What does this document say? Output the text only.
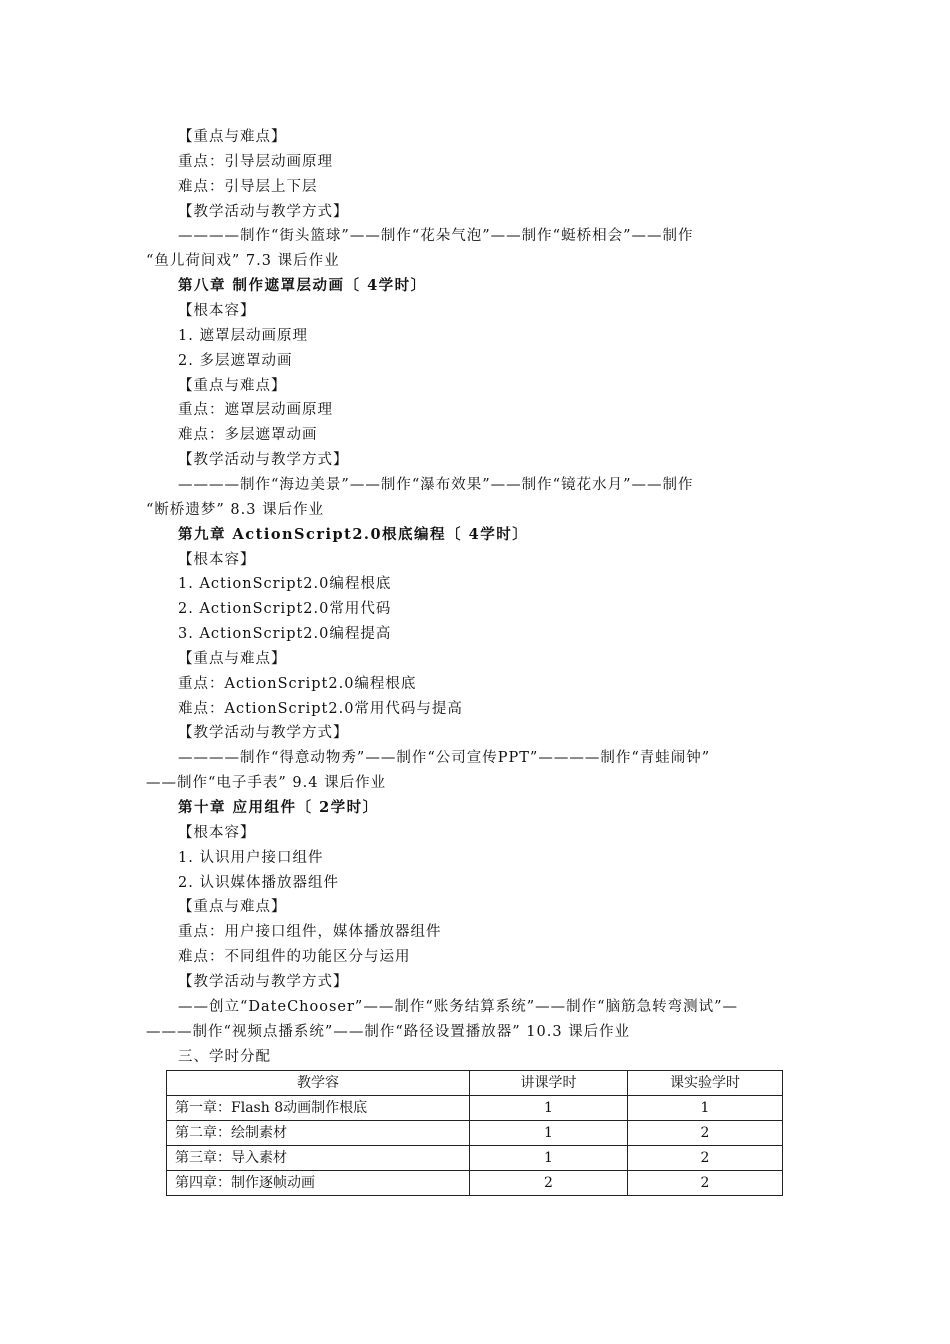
【重点与难点】
重点：引导层动画原理
难点：引导层上下层
【教学活动与教学方式】
————制作“街头篮球”——制作“花朵气泡”——制作“蜓桥相会”——制作
“鱼儿荷间戏” 7.3 课后作业
第八章 制作遮罩层动画〔 4学时〕
【根本容】
1. 遮罩层动画原理
2. 多层遮罩动画
【重点与难点】
重点：遮罩层动画原理
难点：多层遮罩动画
【教学活动与教学方式】
————制作“海边美景”——制作“瀑布效果”——制作“镜花水月”——制作
“断桥遗梦” 8.3 课后作业
第九章 ActionScript2.0根底编程〔 4学时〕
【根本容】
1. ActionScript2.0编程根底
2. ActionScript2.0常用代码
3. ActionScript2.0编程提高
【重点与难点】
重点：ActionScript2.0编程根底
难点：ActionScript2.0常用代码与提高
【教学活动与教学方式】
————制作“得意动物秀”——制作“公司宣传PPT”————制作“青蛙闹钟”
——制作“电子手表” 9.4 课后作业
第十章 应用组件〔 2学时〕
【根本容】
1. 认识用户接口组件
2. 认识媒体播放器组件
【重点与难点】
重点：用户接口组件，媒体播放器组件
难点：不同组件的功能区分与运用
【教学活动与教学方式】
——创立“DateChooser”——制作“账务结算系统”——制作“脑筋急转弯测试”—
———制作“视频点播系统”——制作“路径设置播放器” 10.3 课后作业
三、学时分配
教学容	讲课学时	课实验学时
第一章：Flash 8动画制作根底	1	1
第二章：绘制素材	1	2
第三章：导入素材	1	2
第四章：制作逐帧动画	2	2
